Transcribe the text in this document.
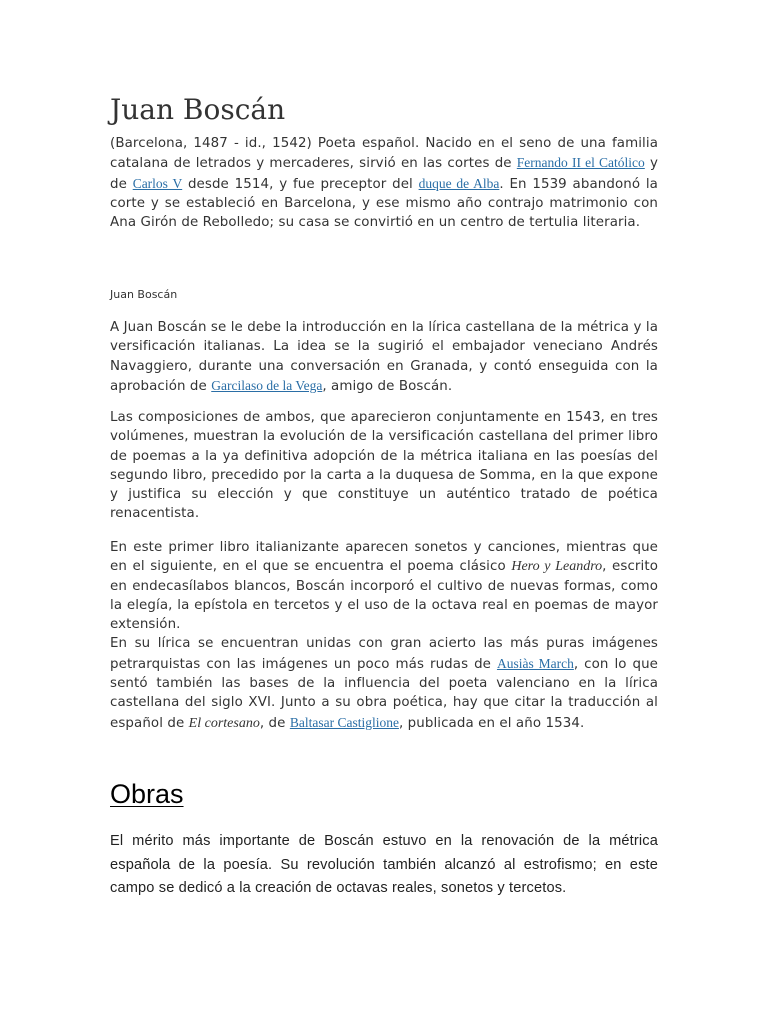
Juan Boscán

(Barcelona, 1487 - id., 1542) Poeta español. Nacido en el seno de una familia catalana de letrados y mercaderes, sirvió en las cortes de Fernando II el Católico y de Carlos V desde 1514, y fue preceptor del duque de Alba. En 1539 abandonó la corte y se estableció en Barcelona, y ese mismo año contrajo matrimonio con Ana Girón de Rebolledo; su casa se convirtió en un centro de tertulia literaria.

Juan Boscán

A Juan Boscán se le debe la introducción en la lírica castellana de la métrica y la versificación italianas. La idea se la sugirió el embajador veneciano Andrés Navaggiero, durante una conversación en Granada, y contó enseguida con la aprobación de Garcilaso de la Vega, amigo de Boscán.

Las composiciones de ambos, que aparecieron conjuntamente en 1543, en tres volúmenes, muestran la evolución de la versificación castellana del primer libro de poemas a la ya definitiva adopción de la métrica italiana en las poesías del segundo libro, precedido por la carta a la duquesa de Somma, en la que expone y justifica su elección y que constituye un auténtico tratado de poética renacentista.

En este primer libro italianizante aparecen sonetos y canciones, mientras que en el siguiente, en el que se encuentra el poema clásico Hero y Leandro, escrito en endecasílabos blancos, Boscán incorporó el cultivo de nuevas formas, como la elegía, la epístola en tercetos y el uso de la octava real en poemas de mayor extensión.
En su lírica se encuentran unidas con gran acierto las más puras imágenes petrarquistas con las imágenes un poco más rudas de Ausiàs March, con lo que sentó también las bases de la influencia del poeta valenciano en la lírica castellana del siglo XVI. Junto a su obra poética, hay que citar la traducción al español de El cortesano, de Baltasar Castiglione, publicada en el año 1534.

Obras

El mérito más importante de Boscán estuvo en la renovación de la métrica española de la poesía. Su revolución también alcanzó al estrofismo; en este campo se dedicó a la creación de octavas reales, sonetos y tercetos.
